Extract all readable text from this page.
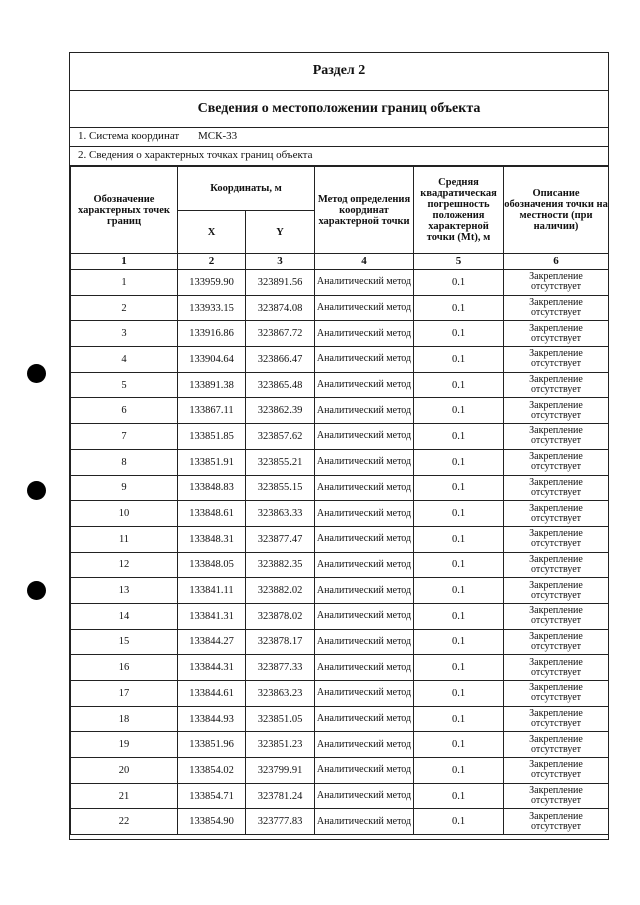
Раздел 2
Сведения о местоположении границ объекта
1. Система координат МСК-33
2. Сведения о характерных точках границ объекта
Обозначение характерных точек границ	Координаты, м		Метод определения координат характерной точки	Средняя квадратическая погрешность положения характерной точки (Mt), м	Описание обозначения точки на местности (при наличии)
	X	Y			
1	2	3	4	5	6
1	133959.90	323891.56	Аналитический метод	0.1	Закрепление отсутствует
2	133933.15	323874.08	Аналитический метод	0.1	Закрепление отсутствует
3	133916.86	323867.72	Аналитический метод	0.1	Закрепление отсутствует
4	133904.64	323866.47	Аналитический метод	0.1	Закрепление отсутствует
5	133891.38	323865.48	Аналитический метод	0.1	Закрепление отсутствует
6	133867.11	323862.39	Аналитический метод	0.1	Закрепление отсутствует
7	133851.85	323857.62	Аналитический метод	0.1	Закрепление отсутствует
8	133851.91	323855.21	Аналитический метод	0.1	Закрепление отсутствует
9	133848.83	323855.15	Аналитический метод	0.1	Закрепление отсутствует
10	133848.61	323863.33	Аналитический метод	0.1	Закрепление отсутствует
11	133848.31	323877.47	Аналитический метод	0.1	Закрепление отсутствует
12	133848.05	323882.35	Аналитический метод	0.1	Закрепление отсутствует
13	133841.11	323882.02	Аналитический метод	0.1	Закрепление отсутствует
14	133841.31	323878.02	Аналитический метод	0.1	Закрепление отсутствует
15	133844.27	323878.17	Аналитический метод	0.1	Закрепление отсутствует
16	133844.31	323877.33	Аналитический метод	0.1	Закрепление отсутствует
17	133844.61	323863.23	Аналитический метод	0.1	Закрепление отсутствует
18	133844.93	323851.05	Аналитический метод	0.1	Закрепление отсутствует
19	133851.96	323851.23	Аналитический метод	0.1	Закрепление отсутствует
20	133854.02	323799.91	Аналитический метод	0.1	Закрепление отсутствует
21	133854.71	323781.24	Аналитический метод	0.1	Закрепление отсутствует
22	133854.90	323777.83	Аналитический метод	0.1	Закрепление отсутствует
